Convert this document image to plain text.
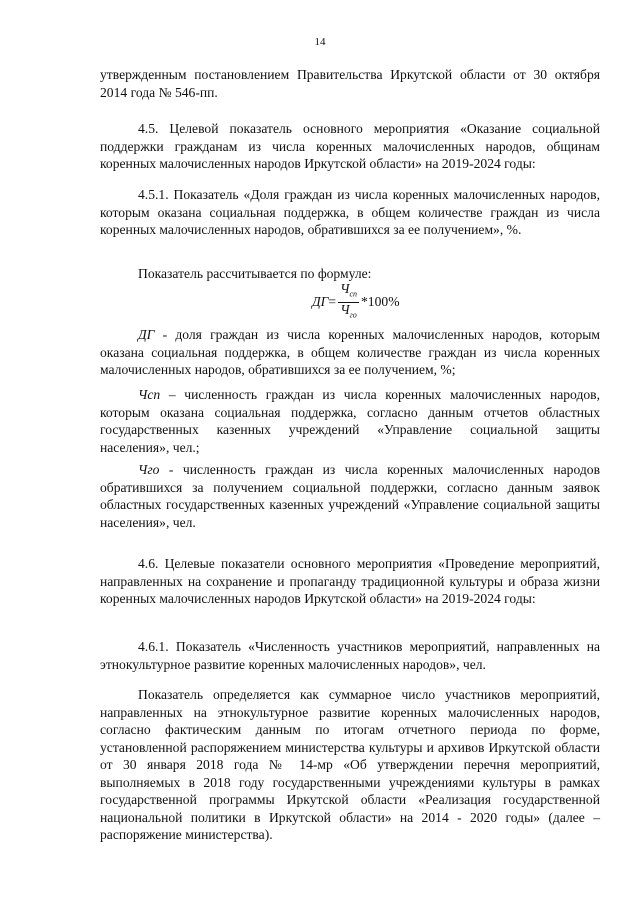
14

утвержденным постановлением Правительства Иркутской области от 30 октября 2014 года № 546-пп.

4.5. Целевой показатель основного мероприятия «Оказание социальной поддержки гражданам из числа коренных малочисленных народов, общинам коренных малочисленных народов Иркутской области» на 2019-2024 годы:

4.5.1. Показатель «Доля граждан из числа коренных малочисленных народов, которым оказана социальная поддержка, в общем количестве граждан из числа коренных малочисленных народов, обратившихся за ее получением», %.

Показатель рассчитывается по формуле:

ДГ = $\frac{Ч_{сп}}{Ч_{го}} *100\%$

ДГ - доля граждан из числа коренных малочисленных народов, которым оказана социальная поддержка, в общем количестве граждан из числа коренных малочисленных народов, обратившихся за ее получением, %;

Чсп – численность граждан из числа коренных малочисленных народов, которым оказана социальная поддержка, согласно данным отчетов областных государственных казенных учреждений «Управление социальной защиты населения», чел.;

Чго - численность граждан из числа коренных малочисленных народов обратившихся за получением социальной поддержки, согласно данным заявок областных государственных казенных учреждений «Управление социальной защиты населения», чел.

4.6. Целевые показатели основного мероприятия «Проведение мероприятий, направленных на сохранение и пропаганду традиционной культуры и образа жизни коренных малочисленных народов Иркутской области» на 2019-2024 годы:

4.6.1. Показатель «Численность участников мероприятий, направленных на этнокультурное развитие коренных малочисленных народов», чел.

Показатель определяется как суммарное число участников мероприятий, направленных на этнокультурное развитие коренных малочисленных народов, согласно фактическим данным по итогам отчетного периода по форме, установленной распоряжением министерства культуры и архивов Иркутской области от 30 января 2018 года № 14-мр «Об утверждении перечня мероприятий, выполняемых в 2018 году государственными учреждениями культуры в рамках государственной программы Иркутской области «Реализация государственной национальной политики в Иркутской области» на 2014 - 2020 годы» (далее – распоряжение министерства).
